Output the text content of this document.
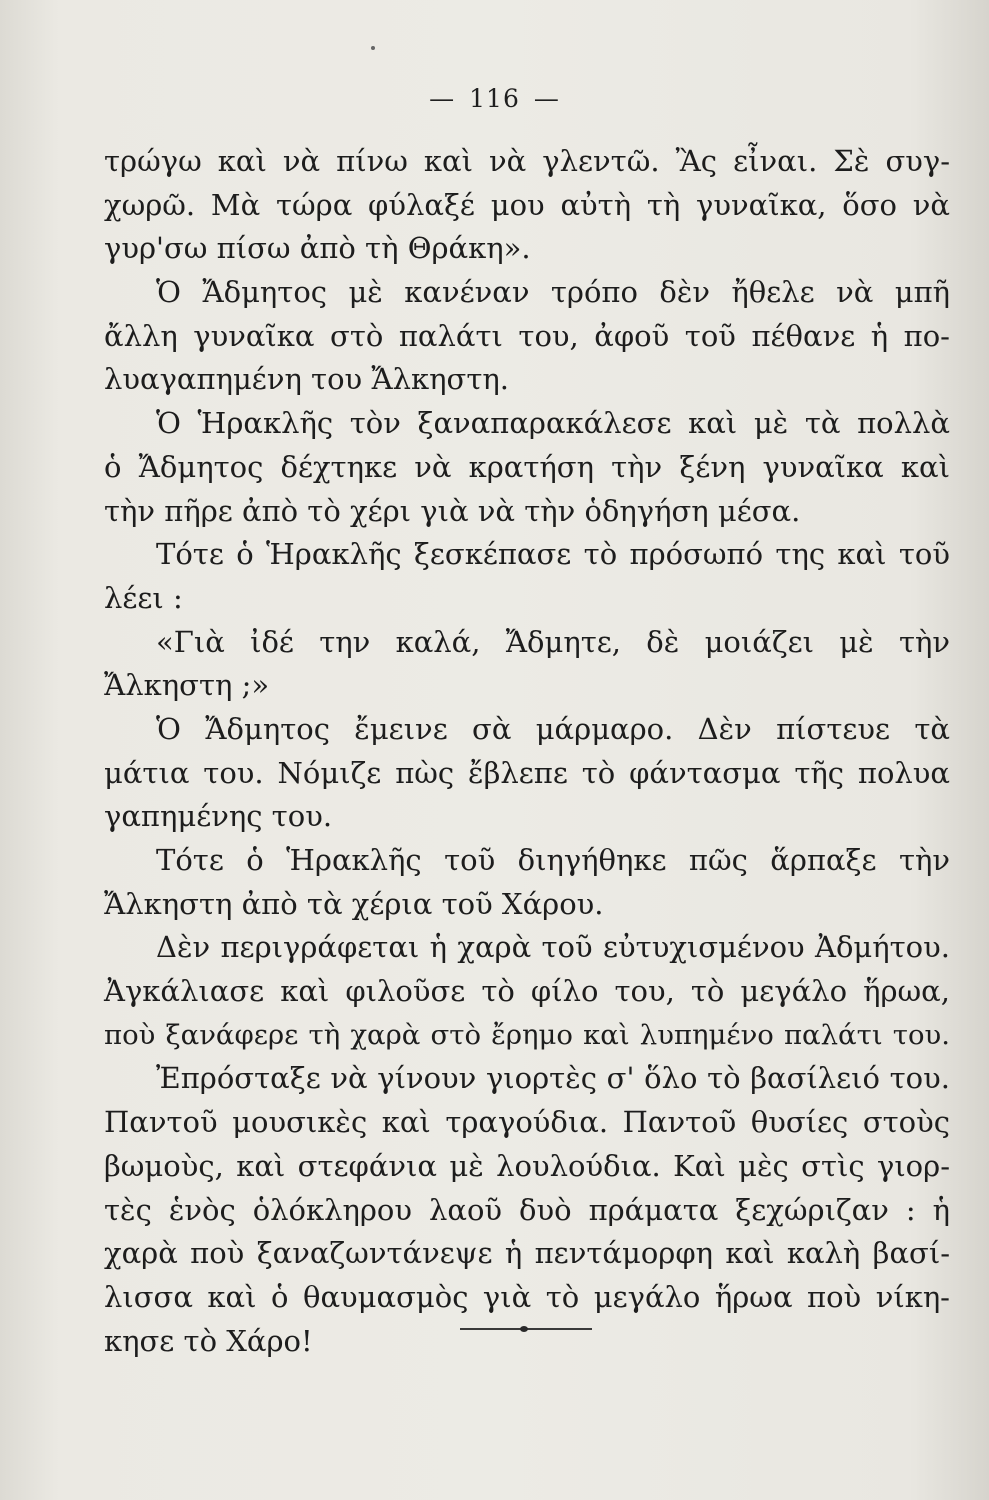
— 116 —
τρώγω καὶ νὰ πίνω καὶ νὰ γλεντῶ. Ἂς εἶναι. Σὲ συγ-
χωρῶ. Μὰ τώρα φύλαξέ μου αὐτὴ τὴ γυναῖκα, ὅσο νὰ
γυρ'σω πίσω ἀπὸ τὴ Θράκη».
Ὁ Ἄδμητος μὲ κανέναν τρόπο δὲν ἤθελε νὰ μπῆ
ἄλλη γυναῖκα στὸ παλάτι του, ἀφοῦ τοῦ πέθανε ἡ πο-
λυαγαπημένη του Ἄλκηστη.
Ὁ Ἡρακλῆς τὸν ξαναπαρακάλεσε καὶ μὲ τὰ πολλὰ
ὁ Ἄδμητος δέχτηκε νὰ κρατήση τὴν ξένη γυναῖκα καὶ
τὴν πῆρε ἀπὸ τὸ χέρι γιὰ νὰ τὴν ὁδηγήση μέσα.
Τότε ὁ Ἡρακλῆς ξεσκέπασε τὸ πρόσωπό της καὶ τοῦ
λέει :
«Γιὰ ἰδέ την καλά, Ἄδμητε, δὲ μοιάζει μὲ τὴν
Ἄλκηστη ;»
Ὁ Ἄδμητος ἔμεινε σὰ μάρμαρο. Δὲν πίστευε τὰ
μάτια του. Νόμιζε πὼς ἔβλεπε τὸ φάντασμα τῆς πολυα
γαπημένης του.
Τότε ὁ Ἡρακλῆς τοῦ διηγήθηκε πῶς ἅρπαξε τὴν
Ἄλκηστη ἀπὸ τὰ χέρια τοῦ Χάρου.
Δὲν περιγράφεται ἡ χαρὰ τοῦ εὐτυχισμένου Ἀδμήτου.
Ἀγκάλιασε καὶ φιλοῦσε τὸ φίλο του, τὸ μεγάλο ἥρωα,
ποὺ ξανάφερε τὴ χαρὰ στὸ ἔρημο καὶ λυπημένο παλάτι του.
Ἐπρόσταξε νὰ γίνουν γιορτὲς σ' ὅλο τὸ βασίλειό του.
Παντοῦ μουσικὲς καὶ τραγούδια. Παντοῦ θυσίες στοὺς
βωμοὺς, καὶ στεφάνια μὲ λουλούδια. Καὶ μὲς στὶς γιορ-
τὲς ἑνὸς ὁλόκληρου λαοῦ δυὸ πράματα ξεχώριζαν : ἡ
χαρὰ ποὺ ξαναζωντάνεψε ἡ πεντάμορφη καὶ καλὴ βασί-
λισσα καὶ ὁ θαυμασμὸς γιὰ τὸ μεγάλο ἥρωα ποὺ νίκη-
κησε τὸ Χάρο!
